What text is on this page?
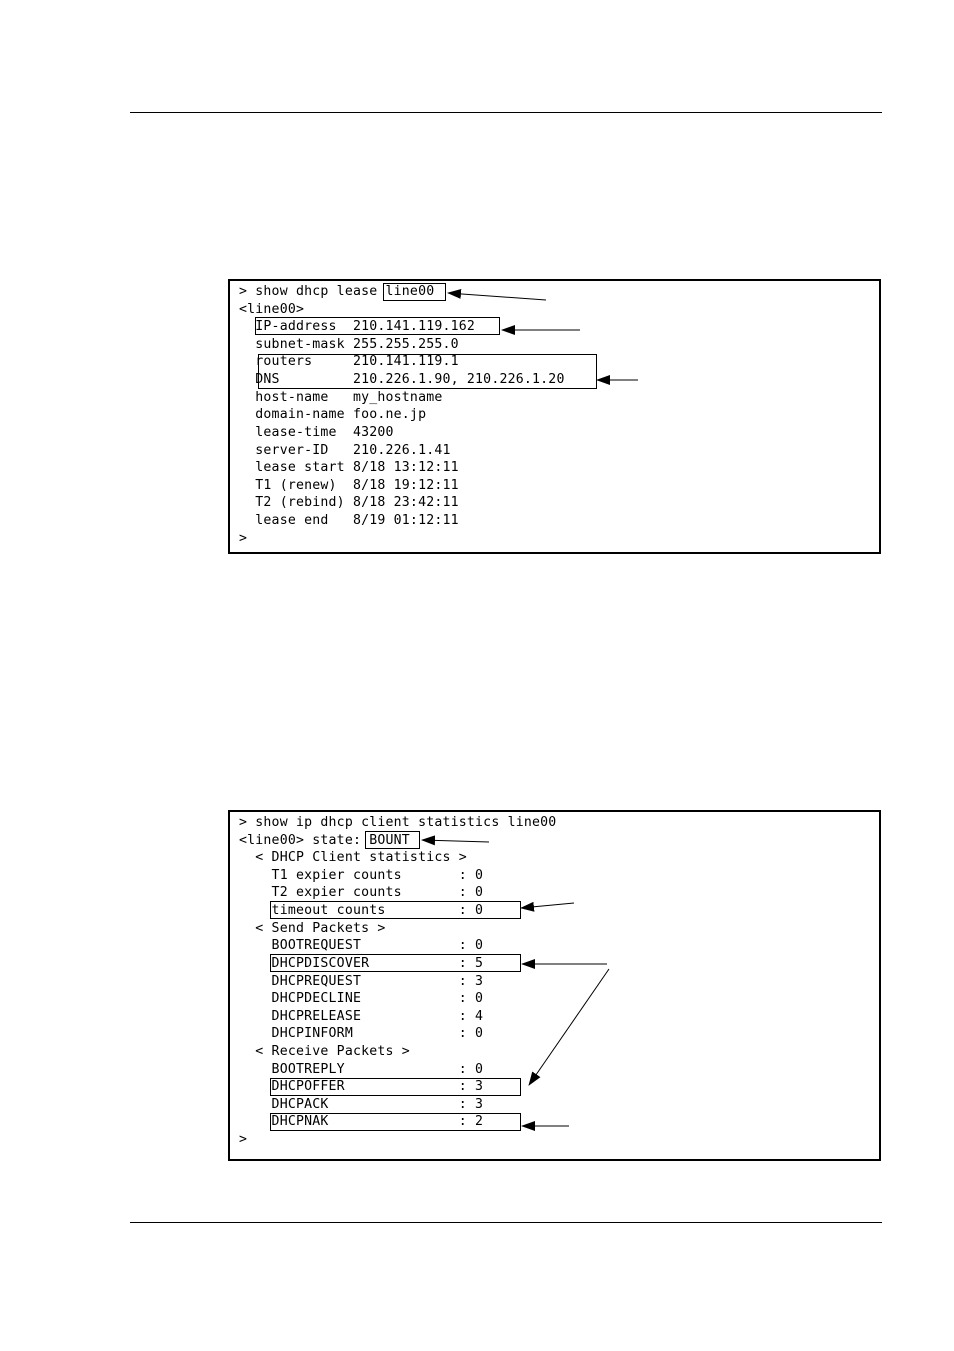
> show dhcp lease line00
<line00>
IP-address  210.141.119.162
subnet-mask 255.255.255.0
routers     210.141.119.1
DNS         210.226.1.90, 210.226.1.20
host-name   my_hostname
domain-name foo.ne.jp
lease-time  43200
server-ID   210.226.1.41
lease start 8/18 13:12:11
T1 (renew)  8/18 19:12:11
T2 (rebind) 8/18 23:42:11
lease end   8/19 01:12:11
>
> show ip dhcp client statistics line00
<line00> state: BOUNT
< DHCP Client statistics >
T1 expier counts       : 0
T2 expier counts       : 0
timeout counts         : 0
< Send Packets >
BOOTREQUEST            : 0
DHCPDISCOVER           : 5
DHCPREQUEST            : 3
DHCPDECLINE            : 0
DHCPRELEASE            : 4
DHCPINFORM             : 0
< Receive Packets >
BOOTREPLY              : 0
DHCPOFFER              : 3
DHCPACK                : 3
DHCPNAK                : 2
>
